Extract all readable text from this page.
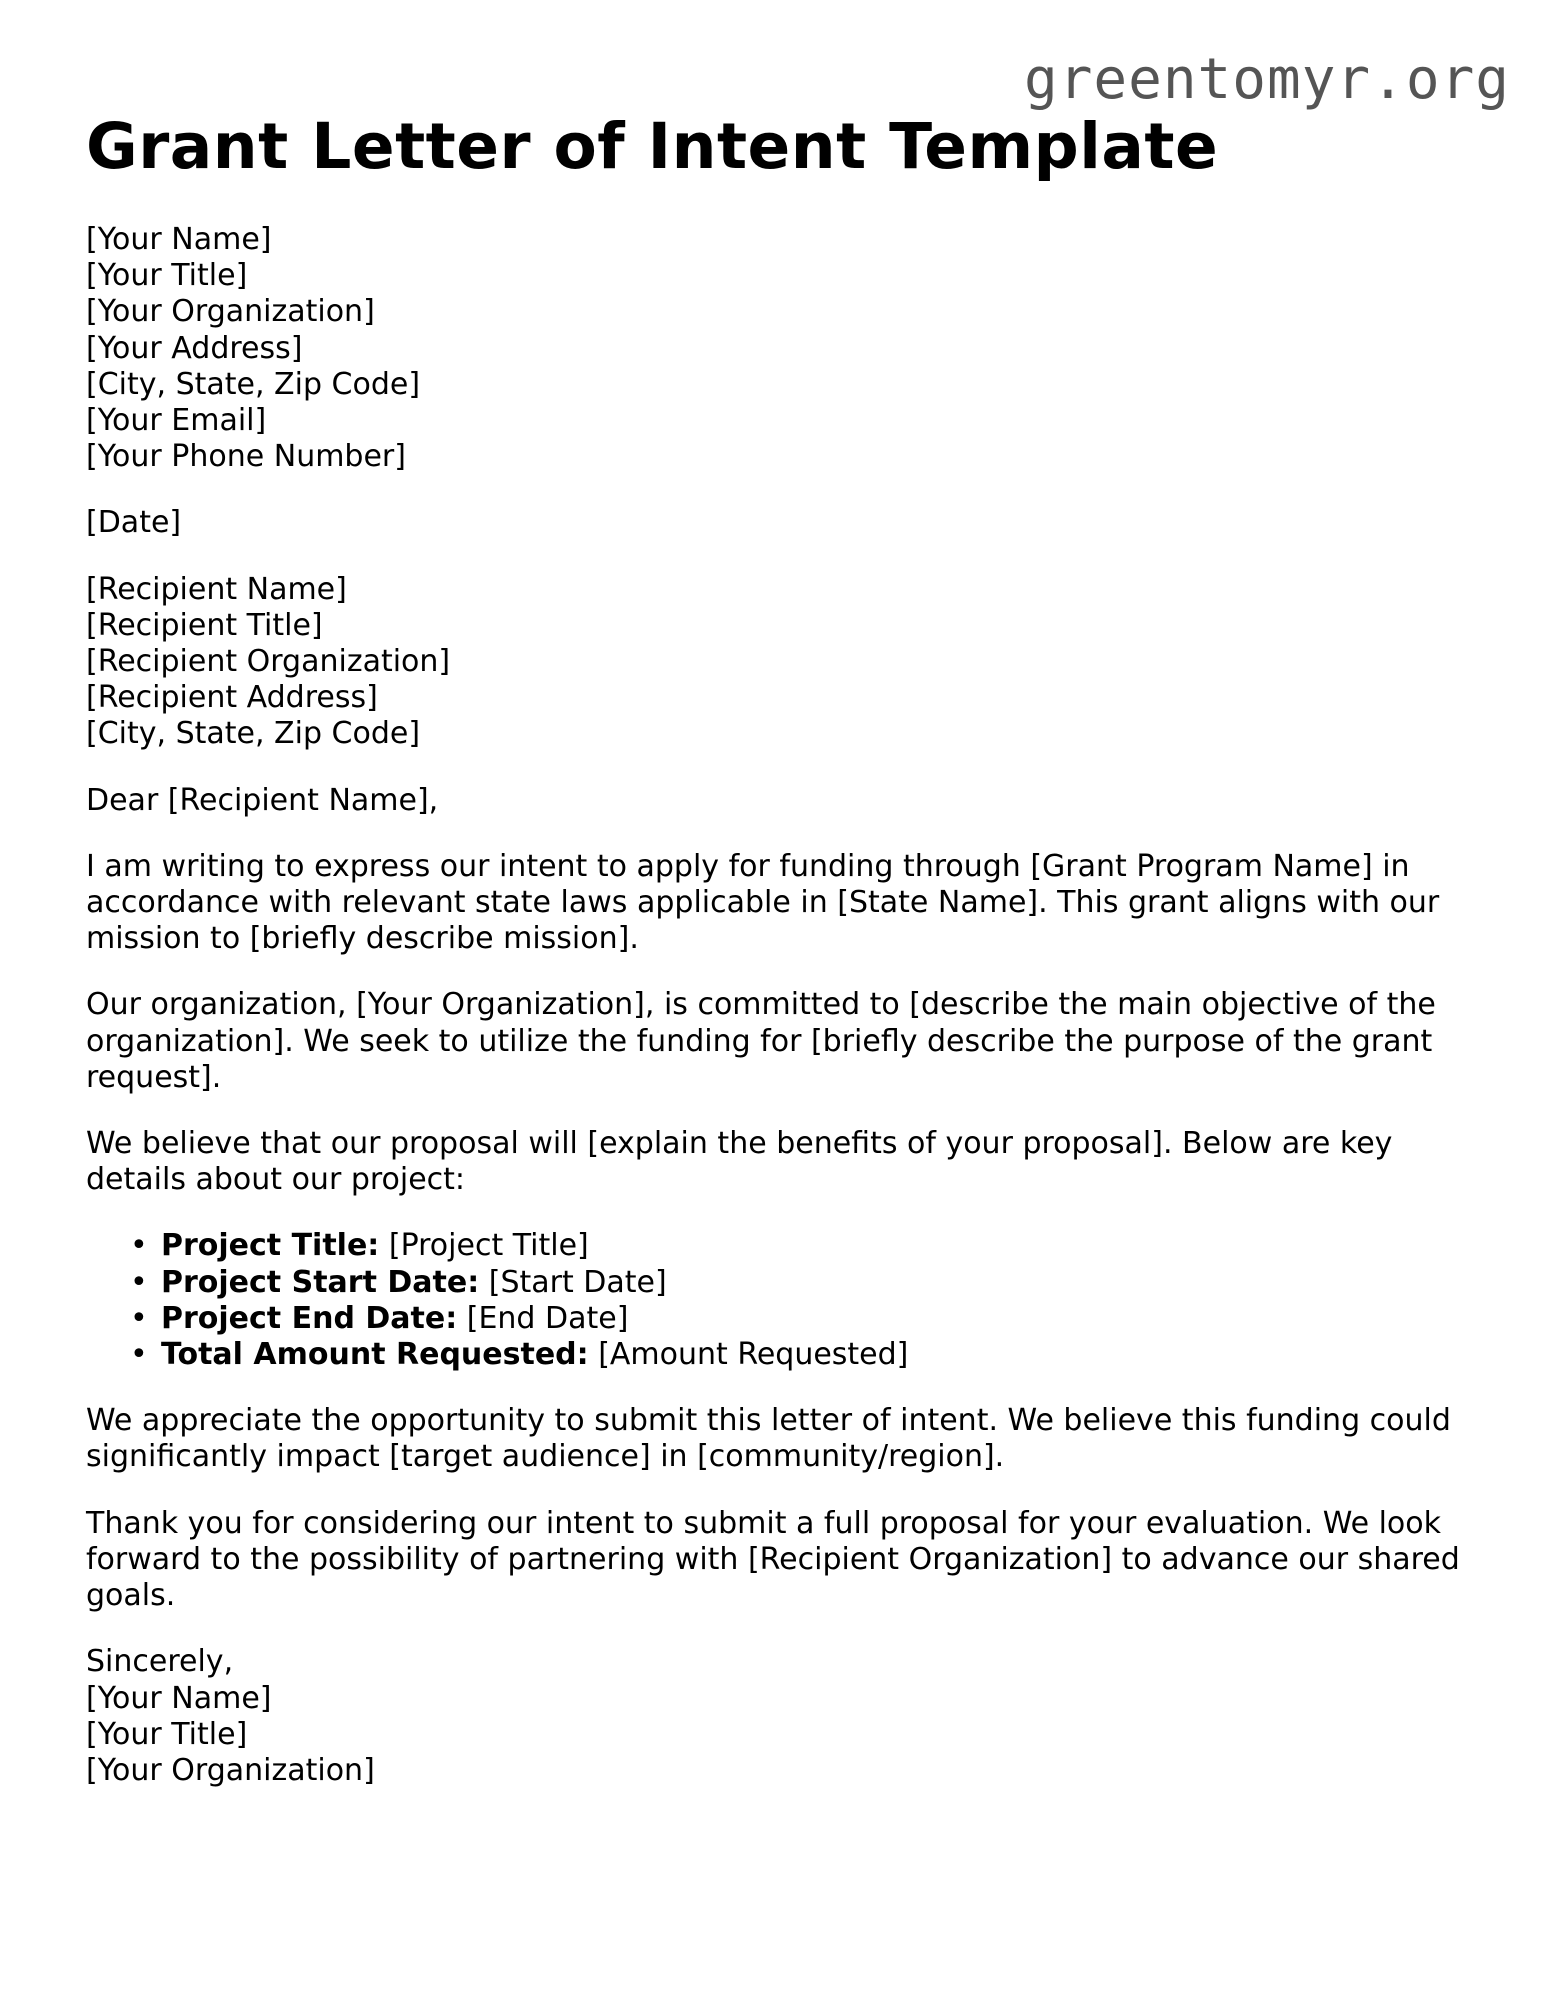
greentomyr.org
Grant Letter of Intent Template
[Your Name]
[Your Title]
[Your Organization]
[Your Address]
[City, State, Zip Code]
[Your Email]
[Your Phone Number]
[Date]
[Recipient Name]
[Recipient Title]
[Recipient Organization]
[Recipient Address]
[City, State, Zip Code]
Dear [Recipient Name],
I am writing to express our intent to apply for funding through [Grant Program Name] in accordance with relevant state laws applicable in [State Name]. This grant aligns with our mission to [briefly describe mission].
Our organization, [Your Organization], is committed to [describe the main objective of the organization]. We seek to utilize the funding for [briefly describe the purpose of the grant request].
We believe that our proposal will [explain the benefits of your proposal]. Below are key details about our project:
• Project Title: [Project Title]
• Project Start Date: [Start Date]
• Project End Date: [End Date]
• Total Amount Requested: [Amount Requested]
We appreciate the opportunity to submit this letter of intent. We believe this funding could significantly impact [target audience] in [community/region].
Thank you for considering our intent to submit a full proposal for your evaluation. We look forward to the possibility of partnering with [Recipient Organization] to advance our shared goals.
Sincerely,
[Your Name]
[Your Title]
[Your Organization]
